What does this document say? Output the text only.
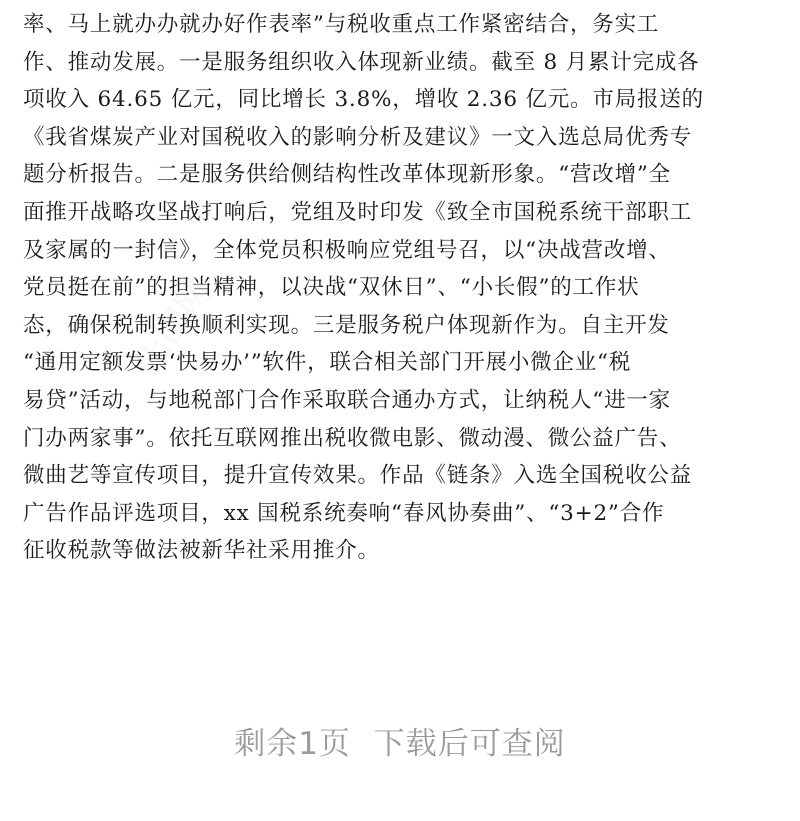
上图网
率、马上就办办就办好作表率”与税收重点工作紧密结合，务实工
作、推动发展。一是服务组织收入体现新业绩。截至 8 月累计完成各
项收入 64.65 亿元，同比增长 3.8%，增收 2.36 亿元。市局报送的
《我省煤炭产业对国税收入的影响分析及建议》一文入选总局优秀专
题分析报告。二是服务供给侧结构性改革体现新形象。“营改增”全
面推开战略攻坚战打响后，党组及时印发《致全市国税系统干部职工
及家属的一封信》，全体党员积极响应党组号召，以“决战营改增、
党员挺在前”的担当精神，以决战“双休日”、“小长假”的工作状
态，确保税制转换顺利实现。三是服务税户体现新作为。自主开发
“通用定额发票‘快易办’”软件，联合相关部门开展小微企业“税
易贷”活动，与地税部门合作采取联合通办方式，让纳税人“进一家
门办两家事”。依托互联网推出税收微电影、微动漫、微公益广告、
微曲艺等宣传项目，提升宣传效果。作品《链条》入选全国税收公益
广告作品评选项目，xx 国税系统奏响“春风协奏曲”、“3+2”合作
征收税款等做法被新华社采用推介。
剩余1页 下载后可查阅
